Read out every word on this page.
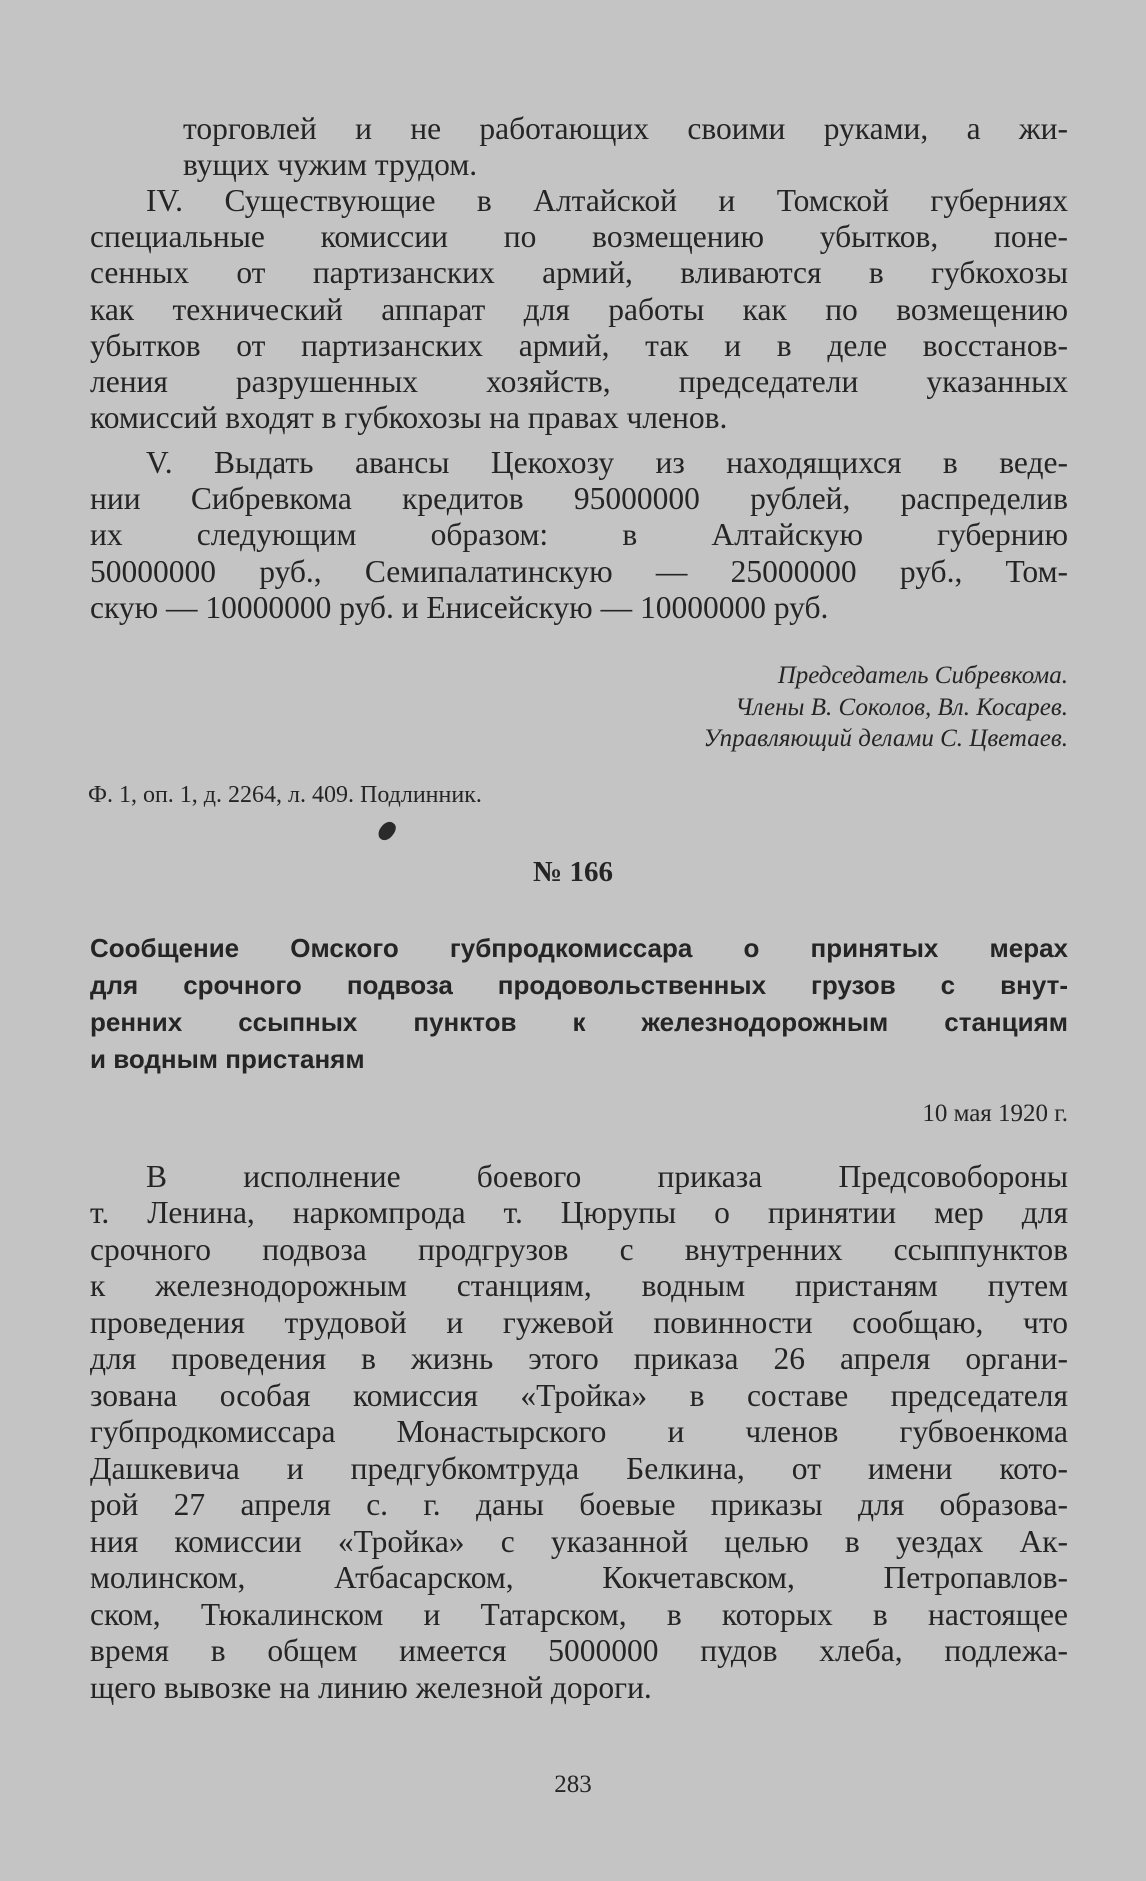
торговлей и не работающих своими руками, а жи-
вущих чужим трудом.
IV. Существующие в Алтайской и Томской губерниях
специальные комиссии по возмещению убытков, поне-
сенных от партизанских армий, вливаются в губкохозы
как технический аппарат для работы как по возмещению
убытков от партизанских армий, так и в деле восстанов-
ления разрушенных хозяйств, председатели указанных
комиссий входят в губкохозы на правах членов.
V. Выдать авансы Цекохозу из находящихся в веде-
нии Сибревкома кредитов 95000000 рублей, распределив
их следующим образом: в Алтайскую губернию
50000000 руб., Семипалатинскую — 25000000 руб., Том-
скую — 10000000 руб. и Енисейскую — 10000000 руб.
Председатель Сибревкома.
Члены В. Соколов, Вл. Косарев.
Управляющий делами С. Цветаев.
Ф. 1, оп. 1, д. 2264, л. 409. Подлинник.
№ 166
Сообщение Омского губпродкомиссара о принятых мерах
для срочного подвоза продовольственных грузов с внут-
ренних ссыпных пунктов к железнодорожным станциям
и водным пристаням
10 мая 1920 г.
В исполнение боевого приказа Предсовобороны
т. Ленина, наркомпрода т. Цюрупы о принятии мер для
срочного подвоза продгрузов с внутренних ссыппунктов
к железнодорожным станциям, водным пристаням путем
проведения трудовой и гужевой повинности сообщаю, что
для проведения в жизнь этого приказа 26 апреля органи-
зована особая комиссия «Тройка» в составе председателя
губпродкомиссара Монастырского и членов губвоенкома
Дашкевича и предгубкомтруда Белкина, от имени кото-
рой 27 апреля с. г. даны боевые приказы для образова-
ния комиссии «Тройка» с указанной целью в уездах Ак-
молинском, Атбасарском, Кокчетавском, Петропавлов-
ском, Тюкалинском и Татарском, в которых в настоящее
время в общем имеется 5000000 пудов хлеба, подлежа-
щего вывозке на линию железной дороги.
283
